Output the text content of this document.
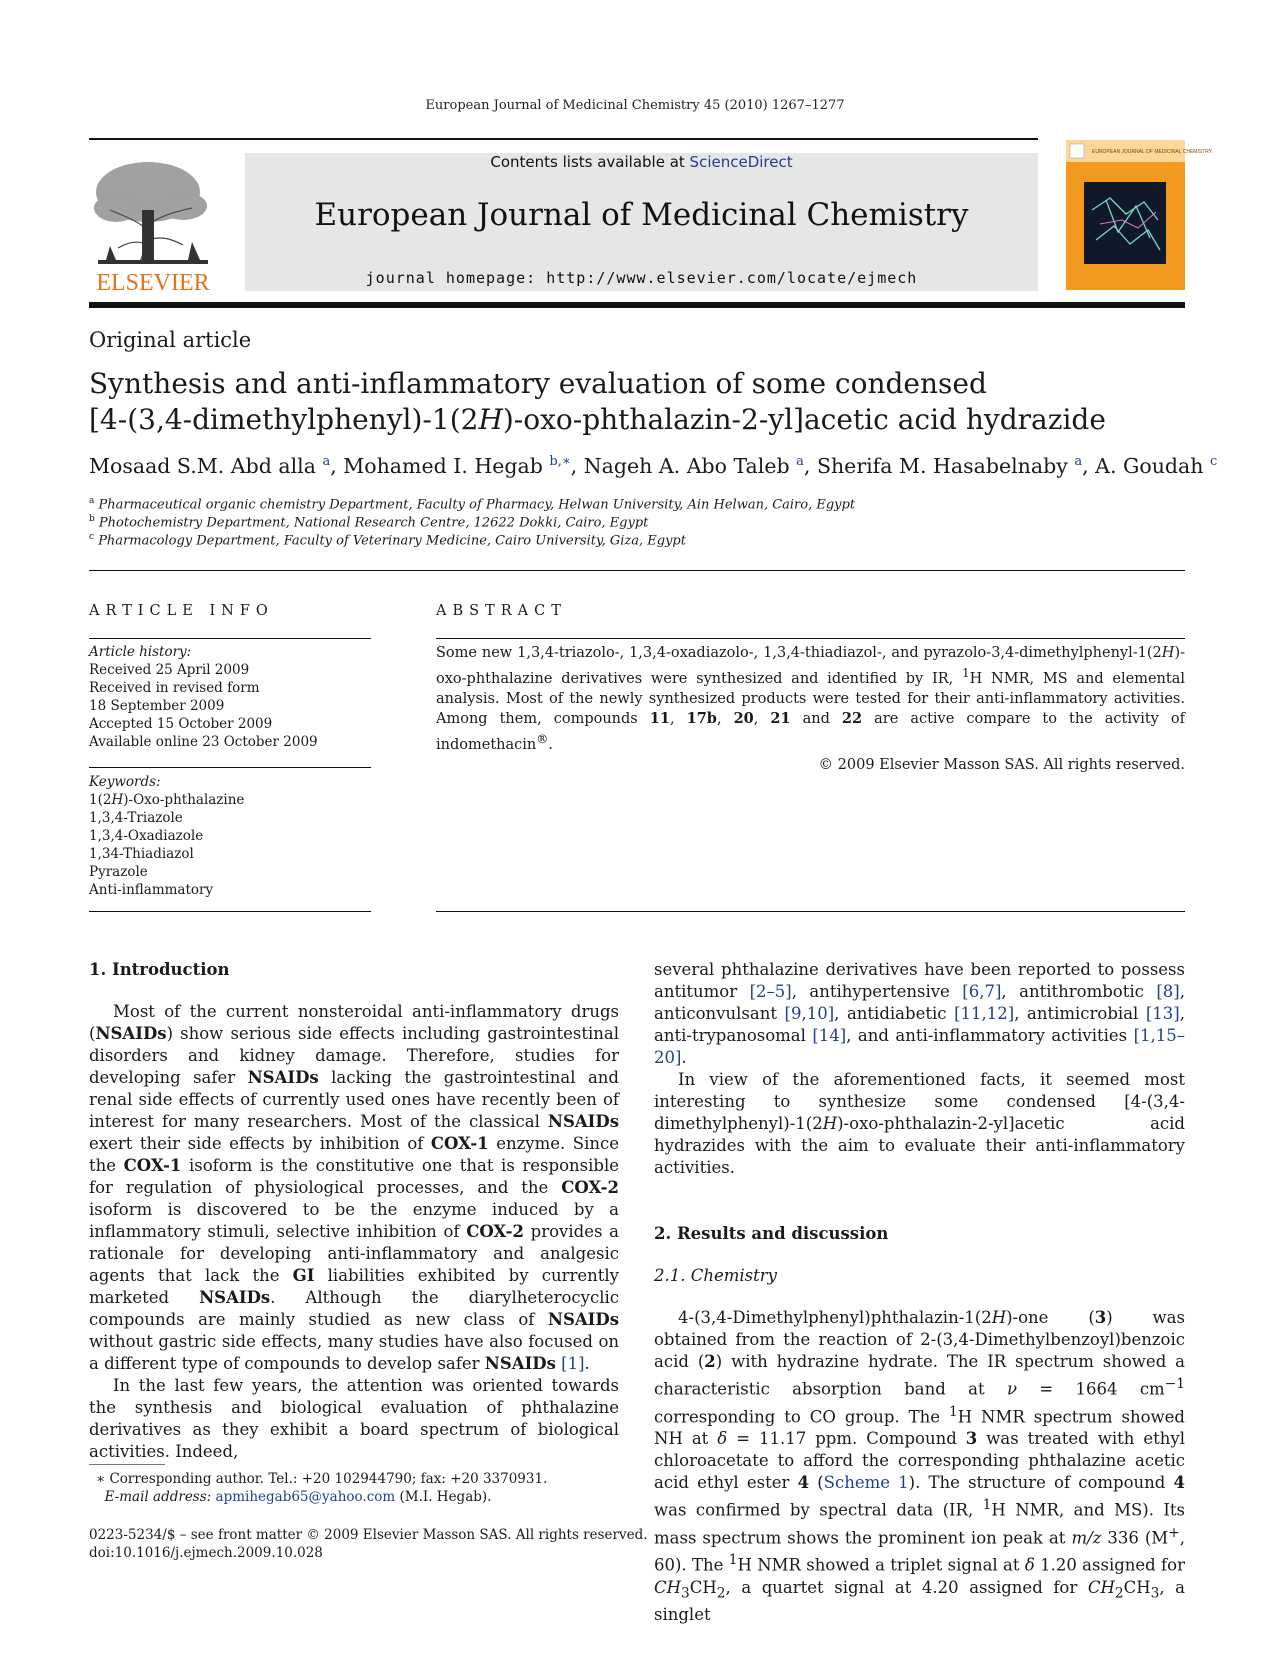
European Journal of Medicinal Chemistry 45 (2010) 1267–1277
ELSEVIER
Contents lists available at ScienceDirect
European Journal of Medicinal Chemistry
journal homepage: http://www.elsevier.com/locate/ejmech
EUROPEAN JOURNAL OF MEDICINAL CHEMISTRY
Original article
Synthesis and anti-inflammatory evaluation of some condensed
[4-(3,4-dimethylphenyl)-1(2H)-oxo-phthalazin-2-yl]acetic acid hydrazide
Mosaad S.M. Abd alla $^a$, Mohamed I. Hegab $^{b,∗}$, Nageh A. Abo Taleb $^a$, Sherifa M. Hasabelnaby $^a$, A. Goudah $^c$
$^a$ Pharmaceutical organic chemistry Department, Faculty of Pharmacy, Helwan University, Ain Helwan, Cairo, Egypt
$^b$ Photochemistry Department, National Research Centre, 12622 Dokki, Cairo, Egypt
$^c$ Pharmacology Department, Faculty of Veterinary Medicine, Cairo University, Giza, Egypt
ARTICLE INFO
Article history:
Received 25 April 2009
Received in revised form
18 September 2009
Accepted 15 October 2009
Available online 23 October 2009
Keywords:
1(2H)-Oxo-phthalazine
1,3,4-Triazole
1,3,4-Oxadiazole
1,34-Thiadiazol
Pyrazole
Anti-inflammatory
ABSTRACT
Some new 1,3,4-triazolo-, 1,3,4-oxadiazolo-, 1,3,4-thiadiazol-, and pyrazolo-3,4-dimethylphenyl-1(2H)-oxo-phthalazine derivatives were synthesized and identified by IR, $^1$H NMR, MS and elemental analysis. Most of the newly synthesized products were tested for their anti-inflammatory activities. Among them, compounds 11, 17b, 20, 21 and 22 are active compare to the activity of indomethacin®.
© 2009 Elsevier Masson SAS. All rights reserved.
1. Introduction

Most of the current nonsteroidal anti-inflammatory drugs (NSAIDs) show serious side effects including gastrointestinal disorders and kidney damage. Therefore, studies for developing safer NSAIDs lacking the gastrointestinal and renal side effects of currently used ones have recently been of interest for many researchers. Most of the classical NSAIDs exert their side effects by inhibition of COX-1 enzyme. Since the COX-1 isoform is the constitutive one that is responsible for regulation of physiological processes, and the COX-2 isoform is discovered to be the enzyme induced by a inflammatory stimuli, selective inhibition of COX-2 provides a rationale for developing anti-inflammatory and analgesic agents that lack the GI liabilities exhibited by currently marketed NSAIDs. Although the diarylheterocyclic compounds are mainly studied as new class of NSAIDs without gastric side effects, many studies have also focused on a different type of compounds to develop safer NSAIDs [1].

In the last few years, the attention was oriented towards the synthesis and biological evaluation of phthalazine derivatives as they exhibit a board spectrum of biological activities. Indeed,

several phthalazine derivatives have been reported to possess antitumor [2–5], antihypertensive [6,7], antithrombotic [8], anticonvulsant [9,10], antidiabetic [11,12], antimicrobial [13], anti-trypanosomal [14], and anti-inflammatory activities [1,15–20].

In view of the aforementioned facts, it seemed most interesting to synthesize some condensed [4-(3,4-dimethylphenyl)-1(2H)-oxo-phthalazin-2-yl]acetic acid hydrazides with the aim to evaluate their anti-inflammatory activities.

2. Results and discussion
2.1. Chemistry

4-(3,4-Dimethylphenyl)phthalazin-1(2H)-one (3) was obtained from the reaction of 2-(3,4-Dimethylbenzoyl)benzoic acid (2) with hydrazine hydrate. The IR spectrum showed a characteristic absorption band at ν = 1664 $cm^{-1}$ corresponding to CO group. The $^1$H NMR spectrum showed NH at δ = 11.17 ppm. Compound 3 was treated with ethyl chloroacetate to afford the corresponding phthalazine acetic acid ethyl ester 4 (Scheme 1). The structure of compound 4 was confirmed by spectral data (IR, $^1$H NMR, and MS). Its mass spectrum shows the prominent ion peak at m/z 336 (M+, 60). The $^1$H NMR showed a triplet signal at δ 1.20 assigned for $CH_3CH_2$, a quartet signal at 4.20 assigned for $CH_2CH_3$, a singlet

∗ Corresponding author. Tel.: +20 102944790; fax: +20 3370931.
E-mail address: apmihegab65@yahoo.com (M.I. Hegab).
0223-5234/$ – see front matter © 2009 Elsevier Masson SAS. All rights reserved.
doi:10.1016/j.ejmech.2009.10.028
